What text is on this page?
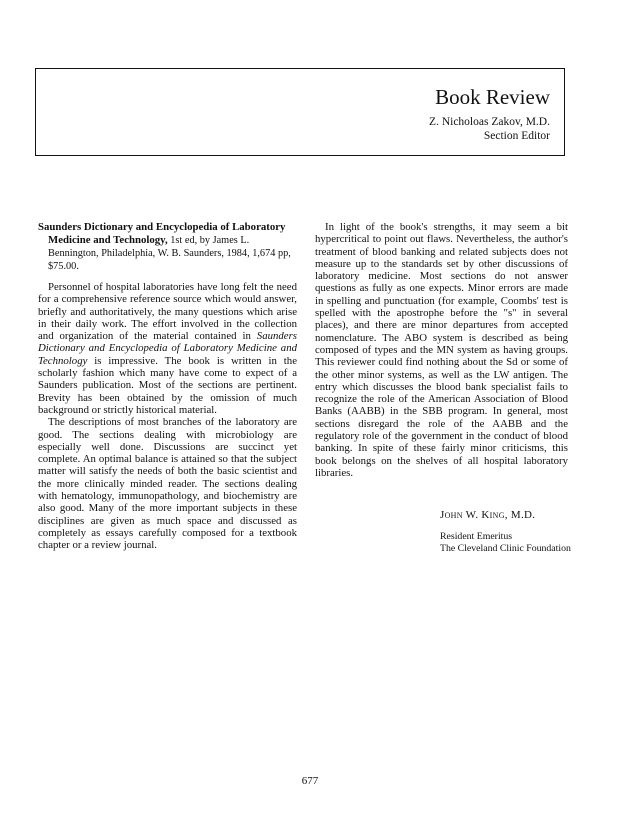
Book Review
Z. Nicholoas Zakov, M.D.
Section Editor

Saunders Dictionary and Encyclopedia of Laboratory Medicine and Technology, 1st ed, by James L. Bennington, Philadelphia, W. B. Saunders, 1984, 1,674 pp, $75.00.

Personnel of hospital laboratories have long felt the need for a comprehensive reference source which would answer, briefly and authoritatively, the many questions which arise in their daily work. The effort involved in the collection and organization of the material contained in Saunders Dictionary and Encyclopedia of Laboratory Medicine and Technology is impressive. The book is written in the scholarly fashion which many have come to expect of a Saunders publication. Most of the sections are pertinent. Brevity has been obtained by the omission of much background or strictly historical material.

The descriptions of most branches of the laboratory are good. The sections dealing with microbiology are especially well done. Discussions are succinct yet complete. An optimal balance is attained so that the subject matter will satisfy the needs of both the basic scientist and the more clinically minded reader. The sections dealing with hematology, immunopathology, and biochemistry are also good. Many of the more important subjects in these disciplines are given as much space and discussed as completely as essays carefully composed for a textbook chapter or a review journal.

In light of the book's strengths, it may seem a bit hypercritical to point out flaws. Nevertheless, the author's treatment of blood banking and related subjects does not measure up to the standards set by other discussions of laboratory medicine. Most sections do not answer questions as fully as one expects. Minor errors are made in spelling and punctuation (for example, Coombs' test is spelled with the apostrophe before the "s" in several places), and there are minor departures from accepted nomenclature. The ABO system is described as being composed of types and the MN system as having groups. This reviewer could find nothing about the Sd or some of the other minor systems, as well as the LW antigen. The entry which discusses the blood bank specialist fails to recognize the role of the American Association of Blood Banks (AABB) in the SBB program. In general, most sections disregard the role of the AABB and the regulatory role of the government in the conduct of blood banking. In spite of these fairly minor criticisms, this book belongs on the shelves of all hospital laboratory libraries.

John W. King, M.D.
Resident Emeritus
The Cleveland Clinic Foundation
677
